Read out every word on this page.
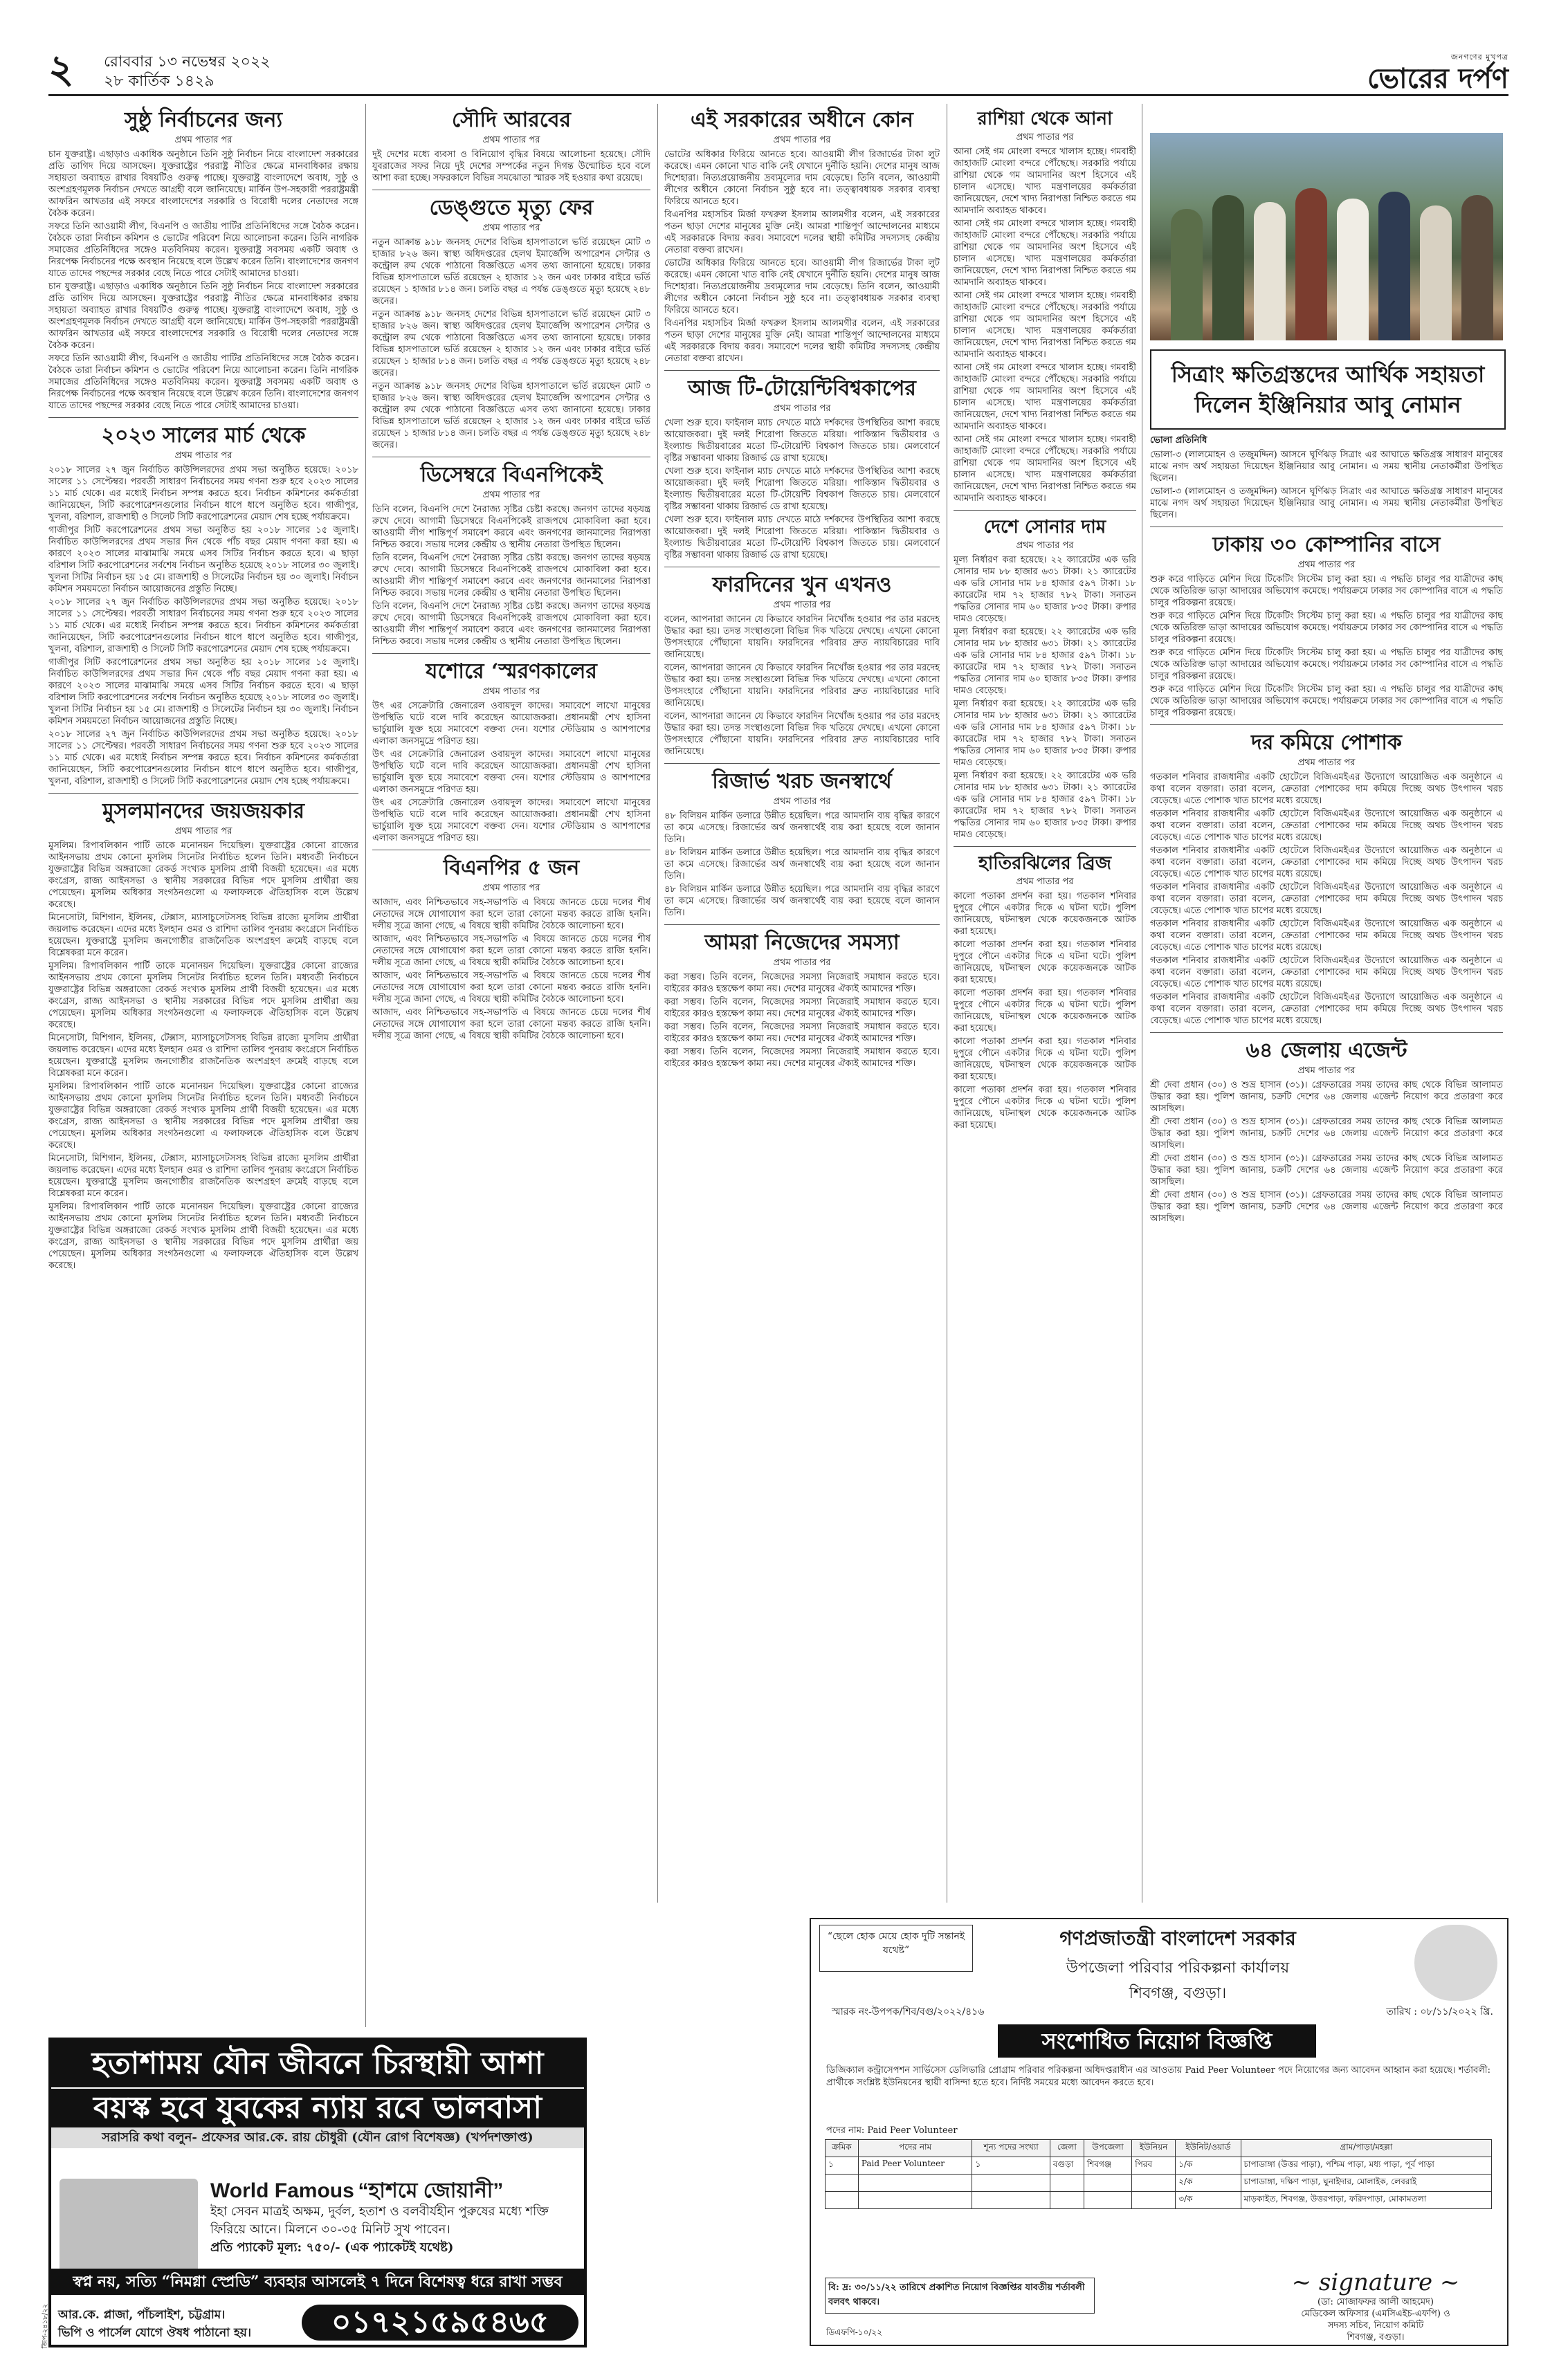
২ রোববার ১৩ নভেম্বর ২০২২
২৮ কার্তিক ১৪২৯
জনগণের মুখপত্র
ভোরের দর্পণ
সুষ্ঠু নির্বাচনের জন্য
প্রথম পাতার পর

চান যুক্তরাষ্ট্র। এছাড়াও একাধিক অনুষ্ঠানে তিনি সুষ্ঠু নির্বাচন নিয়ে বাংলাদেশ সরকারের প্রতি তাগিদ দিয়ে আসছেন। যুক্তরাষ্ট্রের পররাষ্ট্র নীতির ক্ষেত্রে মানবাধিকার রক্ষায় সহায়তা অব্যাহত রাখার বিষয়টিও গুরুত্ব পাচ্ছে। যুক্তরাষ্ট্র বাংলাদেশে অবাধ, সুষ্ঠু ও অংশগ্রহণমূলক নির্বাচন দেখতে আগ্রহী বলে জানিয়েছে। মার্কিন উপ-সহকারী পররাষ্ট্রমন্ত্রী আফরিন আখতার এই সফরে বাংলাদেশের সরকারি ও বিরোধী দলের নেতাদের সঙ্গে বৈঠক করেন।

সফরে তিনি আওয়ামী লীগ, বিএনপি ও জাতীয় পার্টির প্রতিনিধিদের সঙ্গে বৈঠক করেন। বৈঠকে তারা নির্বাচন কমিশন ও ভোটের পরিবেশ নিয়ে আলোচনা করেন। তিনি নাগরিক সমাজের প্রতিনিধিদের সঙ্গেও মতবিনিময় করেন। যুক্তরাষ্ট্র সবসময় একটি অবাধ ও নিরপেক্ষ নির্বাচনের পক্ষে অবস্থান নিয়েছে বলে উল্লেখ করেন তিনি। বাংলাদেশের জনগণ যাতে তাদের পছন্দের সরকার বেছে নিতে পারে সেটাই আমাদের চাওয়া।

চান যুক্তরাষ্ট্র। এছাড়াও একাধিক অনুষ্ঠানে তিনি সুষ্ঠু নির্বাচন নিয়ে বাংলাদেশ সরকারের প্রতি তাগিদ দিয়ে আসছেন। যুক্তরাষ্ট্রের পররাষ্ট্র নীতির ক্ষেত্রে মানবাধিকার রক্ষায় সহায়তা অব্যাহত রাখার বিষয়টিও গুরুত্ব পাচ্ছে। যুক্তরাষ্ট্র বাংলাদেশে অবাধ, সুষ্ঠু ও অংশগ্রহণমূলক নির্বাচন দেখতে আগ্রহী বলে জানিয়েছে। মার্কিন উপ-সহকারী পররাষ্ট্রমন্ত্রী আফরিন আখতার এই সফরে বাংলাদেশের সরকারি ও বিরোধী দলের নেতাদের সঙ্গে বৈঠক করেন।

সফরে তিনি আওয়ামী লীগ, বিএনপি ও জাতীয় পার্টির প্রতিনিধিদের সঙ্গে বৈঠক করেন। বৈঠকে তারা নির্বাচন কমিশন ও ভোটের পরিবেশ নিয়ে আলোচনা করেন। তিনি নাগরিক সমাজের প্রতিনিধিদের সঙ্গেও মতবিনিময় করেন। যুক্তরাষ্ট্র সবসময় একটি অবাধ ও নিরপেক্ষ নির্বাচনের পক্ষে অবস্থান নিয়েছে বলে উল্লেখ করেন তিনি। বাংলাদেশের জনগণ যাতে তাদের পছন্দের সরকার বেছে নিতে পারে সেটাই আমাদের চাওয়া।

২০২৩ সালের মার্চ থেকে
প্রথম পাতার পর

২০১৮ সালের ২৭ জুন নির্বাচিত কাউন্সিলরদের প্রথম সভা অনুষ্ঠিত হয়েছে। ২০১৮ সালের ১১ সেপ্টেম্বর। পরবর্তী সাধারণ নির্বাচনের সময় গণনা শুরু হবে ২০২৩ সালের ১১ মার্চ থেকে। এর মধ্যেই নির্বাচন সম্পন্ন করতে হবে। নির্বাচন কমিশনের কর্মকর্তারা জানিয়েছেন, সিটি করপোরেশনগুলোর নির্বাচন ধাপে ধাপে অনুষ্ঠিত হবে। গাজীপুর, খুলনা, বরিশাল, রাজশাহী ও সিলেট সিটি করপোরেশনের মেয়াদ শেষ হচ্ছে পর্যায়ক্রমে।

গাজীপুর সিটি করপোরেশনের প্রথম সভা অনুষ্ঠিত হয় ২০১৮ সালের ১৫ জুলাই। নির্বাচিত কাউন্সিলরদের প্রথম সভার দিন থেকে পাঁচ বছর মেয়াদ গণনা করা হয়। এ কারণে ২০২৩ সালের মাঝামাঝি সময়ে এসব সিটির নির্বাচন করতে হবে। এ ছাড়া বরিশাল সিটি করপোরেশনের সর্বশেষ নির্বাচন অনুষ্ঠিত হয়েছে ২০১৮ সালের ৩০ জুলাই। খুলনা সিটির নির্বাচন হয় ১৫ মে। রাজশাহী ও সিলেটের নির্বাচন হয় ৩০ জুলাই। নির্বাচন কমিশন সময়মতো নির্বাচন আয়োজনের প্রস্তুতি নিচ্ছে।

২০১৮ সালের ২৭ জুন নির্বাচিত কাউন্সিলরদের প্রথম সভা অনুষ্ঠিত হয়েছে। ২০১৮ সালের ১১ সেপ্টেম্বর। পরবর্তী সাধারণ নির্বাচনের সময় গণনা শুরু হবে ২০২৩ সালের ১১ মার্চ থেকে। এর মধ্যেই নির্বাচন সম্পন্ন করতে হবে। নির্বাচন কমিশনের কর্মকর্তারা জানিয়েছেন, সিটি করপোরেশনগুলোর নির্বাচন ধাপে ধাপে অনুষ্ঠিত হবে। গাজীপুর, খুলনা, বরিশাল, রাজশাহী ও সিলেট সিটি করপোরেশনের মেয়াদ শেষ হচ্ছে পর্যায়ক্রমে।

গাজীপুর সিটি করপোরেশনের প্রথম সভা অনুষ্ঠিত হয় ২০১৮ সালের ১৫ জুলাই। নির্বাচিত কাউন্সিলরদের প্রথম সভার দিন থেকে পাঁচ বছর মেয়াদ গণনা করা হয়। এ কারণে ২০২৩ সালের মাঝামাঝি সময়ে এসব সিটির নির্বাচন করতে হবে। এ ছাড়া বরিশাল সিটি করপোরেশনের সর্বশেষ নির্বাচন অনুষ্ঠিত হয়েছে ২০১৮ সালের ৩০ জুলাই। খুলনা সিটির নির্বাচন হয় ১৫ মে। রাজশাহী ও সিলেটের নির্বাচন হয় ৩০ জুলাই। নির্বাচন কমিশন সময়মতো নির্বাচন আয়োজনের প্রস্তুতি নিচ্ছে।

২০১৮ সালের ২৭ জুন নির্বাচিত কাউন্সিলরদের প্রথম সভা অনুষ্ঠিত হয়েছে। ২০১৮ সালের ১১ সেপ্টেম্বর। পরবর্তী সাধারণ নির্বাচনের সময় গণনা শুরু হবে ২০২৩ সালের ১১ মার্চ থেকে। এর মধ্যেই নির্বাচন সম্পন্ন করতে হবে। নির্বাচন কমিশনের কর্মকর্তারা জানিয়েছেন, সিটি করপোরেশনগুলোর নির্বাচন ধাপে ধাপে অনুষ্ঠিত হবে। গাজীপুর, খুলনা, বরিশাল, রাজশাহী ও সিলেট সিটি করপোরেশনের মেয়াদ শেষ হচ্ছে পর্যায়ক্রমে।

মুসলমানদের জয়জয়কার
প্রথম পাতার পর

মুসলিম। রিপাবলিকান পার্টি তাকে মনোনয়ন দিয়েছিল। যুক্তরাষ্ট্রের কোনো রাজ্যের আইনসভায় প্রথম কোনো মুসলিম সিনেটর নির্বাচিত হলেন তিনি। মধ্যবর্তী নির্বাচনে যুক্তরাষ্ট্রের বিভিন্ন অঙ্গরাজ্যে রেকর্ড সংখ্যক মুসলিম প্রার্থী বিজয়ী হয়েছেন। এর মধ্যে কংগ্রেস, রাজ্য আইনসভা ও স্থানীয় সরকারের বিভিন্ন পদে মুসলিম প্রার্থীরা জয় পেয়েছেন। মুসলিম অধিকার সংগঠনগুলো এ ফলাফলকে ঐতিহাসিক বলে উল্লেখ করেছে।

মিনেসোটা, মিশিগান, ইলিনয়, টেক্সাস, ম্যাসাচুসেটসসহ বিভিন্ন রাজ্যে মুসলিম প্রার্থীরা জয়লাভ করেছেন। এদের মধ্যে ইলহান ওমর ও রাশিদা তালিব পুনরায় কংগ্রেসে নির্বাচিত হয়েছেন। যুক্তরাষ্ট্রে মুসলিম জনগোষ্ঠীর রাজনৈতিক অংশগ্রহণ ক্রমেই বাড়ছে বলে বিশ্লেষকরা মনে করেন।

মুসলিম। রিপাবলিকান পার্টি তাকে মনোনয়ন দিয়েছিল। যুক্তরাষ্ট্রের কোনো রাজ্যের আইনসভায় প্রথম কোনো মুসলিম সিনেটর নির্বাচিত হলেন তিনি। মধ্যবর্তী নির্বাচনে যুক্তরাষ্ট্রের বিভিন্ন অঙ্গরাজ্যে রেকর্ড সংখ্যক মুসলিম প্রার্থী বিজয়ী হয়েছেন। এর মধ্যে কংগ্রেস, রাজ্য আইনসভা ও স্থানীয় সরকারের বিভিন্ন পদে মুসলিম প্রার্থীরা জয় পেয়েছেন। মুসলিম অধিকার সংগঠনগুলো এ ফলাফলকে ঐতিহাসিক বলে উল্লেখ করেছে।

মিনেসোটা, মিশিগান, ইলিনয়, টেক্সাস, ম্যাসাচুসেটসসহ বিভিন্ন রাজ্যে মুসলিম প্রার্থীরা জয়লাভ করেছেন। এদের মধ্যে ইলহান ওমর ও রাশিদা তালিব পুনরায় কংগ্রেসে নির্বাচিত হয়েছেন। যুক্তরাষ্ট্রে মুসলিম জনগোষ্ঠীর রাজনৈতিক অংশগ্রহণ ক্রমেই বাড়ছে বলে বিশ্লেষকরা মনে করেন।

মুসলিম। রিপাবলিকান পার্টি তাকে মনোনয়ন দিয়েছিল। যুক্তরাষ্ট্রের কোনো রাজ্যের আইনসভায় প্রথম কোনো মুসলিম সিনেটর নির্বাচিত হলেন তিনি। মধ্যবর্তী নির্বাচনে যুক্তরাষ্ট্রের বিভিন্ন অঙ্গরাজ্যে রেকর্ড সংখ্যক মুসলিম প্রার্থী বিজয়ী হয়েছেন। এর মধ্যে কংগ্রেস, রাজ্য আইনসভা ও স্থানীয় সরকারের বিভিন্ন পদে মুসলিম প্রার্থীরা জয় পেয়েছেন। মুসলিম অধিকার সংগঠনগুলো এ ফলাফলকে ঐতিহাসিক বলে উল্লেখ করেছে।

মিনেসোটা, মিশিগান, ইলিনয়, টেক্সাস, ম্যাসাচুসেটসসহ বিভিন্ন রাজ্যে মুসলিম প্রার্থীরা জয়লাভ করেছেন। এদের মধ্যে ইলহান ওমর ও রাশিদা তালিব পুনরায় কংগ্রেসে নির্বাচিত হয়েছেন। যুক্তরাষ্ট্রে মুসলিম জনগোষ্ঠীর রাজনৈতিক অংশগ্রহণ ক্রমেই বাড়ছে বলে বিশ্লেষকরা মনে করেন।

মুসলিম। রিপাবলিকান পার্টি তাকে মনোনয়ন দিয়েছিল। যুক্তরাষ্ট্রের কোনো রাজ্যের আইনসভায় প্রথম কোনো মুসলিম সিনেটর নির্বাচিত হলেন তিনি। মধ্যবর্তী নির্বাচনে যুক্তরাষ্ট্রের বিভিন্ন অঙ্গরাজ্যে রেকর্ড সংখ্যক মুসলিম প্রার্থী বিজয়ী হয়েছেন। এর মধ্যে কংগ্রেস, রাজ্য আইনসভা ও স্থানীয় সরকারের বিভিন্ন পদে মুসলিম প্রার্থীরা জয় পেয়েছেন। মুসলিম অধিকার সংগঠনগুলো এ ফলাফলকে ঐতিহাসিক বলে উল্লেখ করেছে।

সৌদি আরবের
প্রথম পাতার পর

দুই দেশের মধ্যে ব্যবসা ও বিনিয়োগ বৃদ্ধির বিষয়ে আলোচনা হয়েছে। সৌদি যুবরাজের সফর নিয়ে দুই দেশের সম্পর্কের নতুন দিগন্ত উন্মোচিত হবে বলে আশা করা হচ্ছে। সফরকালে বিভিন্ন সমঝোতা স্মারক সই হওয়ার কথা রয়েছে।

ডেঙ্গুতে মৃত্যু ফের
প্রথম পাতার পর

নতুন আক্রান্ত ৯১৮ জনসহ দেশের বিভিন্ন হাসপাতালে ভর্তি রয়েছেন মোট ৩ হাজার ৮২৬ জন। স্বাস্থ্য অধিদপ্তরের হেলথ ইমার্জেন্সি অপারেশন সেন্টার ও কন্ট্রোল রুম থেকে পাঠানো বিজ্ঞপ্তিতে এসব তথ্য জানানো হয়েছে। ঢাকার বিভিন্ন হাসপাতালে ভর্তি রয়েছেন ২ হাজার ১২ জন এবং ঢাকার বাইরে ভর্তি রয়েছেন ১ হাজার ৮১৪ জন। চলতি বছর এ পর্যন্ত ডেঙ্গুতে মৃত্যু হয়েছে ২৪৮ জনের।

নতুন আক্রান্ত ৯১৮ জনসহ দেশের বিভিন্ন হাসপাতালে ভর্তি রয়েছেন মোট ৩ হাজার ৮২৬ জন। স্বাস্থ্য অধিদপ্তরের হেলথ ইমার্জেন্সি অপারেশন সেন্টার ও কন্ট্রোল রুম থেকে পাঠানো বিজ্ঞপ্তিতে এসব তথ্য জানানো হয়েছে। ঢাকার বিভিন্ন হাসপাতালে ভর্তি রয়েছেন ২ হাজার ১২ জন এবং ঢাকার বাইরে ভর্তি রয়েছেন ১ হাজার ৮১৪ জন। চলতি বছর এ পর্যন্ত ডেঙ্গুতে মৃত্যু হয়েছে ২৪৮ জনের।

নতুন আক্রান্ত ৯১৮ জনসহ দেশের বিভিন্ন হাসপাতালে ভর্তি রয়েছেন মোট ৩ হাজার ৮২৬ জন। স্বাস্থ্য অধিদপ্তরের হেলথ ইমার্জেন্সি অপারেশন সেন্টার ও কন্ট্রোল রুম থেকে পাঠানো বিজ্ঞপ্তিতে এসব তথ্য জানানো হয়েছে। ঢাকার বিভিন্ন হাসপাতালে ভর্তি রয়েছেন ২ হাজার ১২ জন এবং ঢাকার বাইরে ভর্তি রয়েছেন ১ হাজার ৮১৪ জন। চলতি বছর এ পর্যন্ত ডেঙ্গুতে মৃত্যু হয়েছে ২৪৮ জনের।

ডিসেম্বরে বিএনপিকেই
প্রথম পাতার পর

তিনি বলেন, বিএনপি দেশে নৈরাজ্য সৃষ্টির চেষ্টা করছে। জনগণ তাদের ষড়যন্ত্র রুখে দেবে। আগামী ডিসেম্বরে বিএনপিকেই রাজপথে মোকাবিলা করা হবে। আওয়ামী লীগ শান্তিপূর্ণ সমাবেশ করবে এবং জনগণের জানমালের নিরাপত্তা নিশ্চিত করবে। সভায় দলের কেন্দ্রীয় ও স্থানীয় নেতারা উপস্থিত ছিলেন।

তিনি বলেন, বিএনপি দেশে নৈরাজ্য সৃষ্টির চেষ্টা করছে। জনগণ তাদের ষড়যন্ত্র রুখে দেবে। আগামী ডিসেম্বরে বিএনপিকেই রাজপথে মোকাবিলা করা হবে। আওয়ামী লীগ শান্তিপূর্ণ সমাবেশ করবে এবং জনগণের জানমালের নিরাপত্তা নিশ্চিত করবে। সভায় দলের কেন্দ্রীয় ও স্থানীয় নেতারা উপস্থিত ছিলেন।

তিনি বলেন, বিএনপি দেশে নৈরাজ্য সৃষ্টির চেষ্টা করছে। জনগণ তাদের ষড়যন্ত্র রুখে দেবে। আগামী ডিসেম্বরে বিএনপিকেই রাজপথে মোকাবিলা করা হবে। আওয়ামী লীগ শান্তিপূর্ণ সমাবেশ করবে এবং জনগণের জানমালের নিরাপত্তা নিশ্চিত করবে। সভায় দলের কেন্দ্রীয় ও স্থানীয় নেতারা উপস্থিত ছিলেন।

যশোরে ‘স্মরণকালের
প্রথম পাতার পর

উৎ এর সেক্রেটারি জেনারেল ওবায়দুল কাদের। সমাবেশে লাখো মানুষের উপস্থিতি ঘটে বলে দাবি করেছেন আয়োজকরা। প্রধানমন্ত্রী শেখ হাসিনা ভার্চুয়ালি যুক্ত হয়ে সমাবেশে বক্তব্য দেন। যশোর স্টেডিয়াম ও আশপাশের এলাকা জনসমুদ্রে পরিণত হয়।

উৎ এর সেক্রেটারি জেনারেল ওবায়দুল কাদের। সমাবেশে লাখো মানুষের উপস্থিতি ঘটে বলে দাবি করেছেন আয়োজকরা। প্রধানমন্ত্রী শেখ হাসিনা ভার্চুয়ালি যুক্ত হয়ে সমাবেশে বক্তব্য দেন। যশোর স্টেডিয়াম ও আশপাশের এলাকা জনসমুদ্রে পরিণত হয়।

উৎ এর সেক্রেটারি জেনারেল ওবায়দুল কাদের। সমাবেশে লাখো মানুষের উপস্থিতি ঘটে বলে দাবি করেছেন আয়োজকরা। প্রধানমন্ত্রী শেখ হাসিনা ভার্চুয়ালি যুক্ত হয়ে সমাবেশে বক্তব্য দেন। যশোর স্টেডিয়াম ও আশপাশের এলাকা জনসমুদ্রে পরিণত হয়।

বিএনপির ৫ জন
প্রথম পাতার পর

আজাদ, এবং নিশ্চিতভাবে সহ-সভাপতি এ বিষয়ে জানতে চেয়ে দলের শীর্ষ নেতাদের সঙ্গে যোগাযোগ করা হলে তারা কোনো মন্তব্য করতে রাজি হননি। দলীয় সূত্রে জানা গেছে, এ বিষয়ে স্থায়ী কমিটির বৈঠকে আলোচনা হবে।

আজাদ, এবং নিশ্চিতভাবে সহ-সভাপতি এ বিষয়ে জানতে চেয়ে দলের শীর্ষ নেতাদের সঙ্গে যোগাযোগ করা হলে তারা কোনো মন্তব্য করতে রাজি হননি। দলীয় সূত্রে জানা গেছে, এ বিষয়ে স্থায়ী কমিটির বৈঠকে আলোচনা হবে।

আজাদ, এবং নিশ্চিতভাবে সহ-সভাপতি এ বিষয়ে জানতে চেয়ে দলের শীর্ষ নেতাদের সঙ্গে যোগাযোগ করা হলে তারা কোনো মন্তব্য করতে রাজি হননি। দলীয় সূত্রে জানা গেছে, এ বিষয়ে স্থায়ী কমিটির বৈঠকে আলোচনা হবে।

আজাদ, এবং নিশ্চিতভাবে সহ-সভাপতি এ বিষয়ে জানতে চেয়ে দলের শীর্ষ নেতাদের সঙ্গে যোগাযোগ করা হলে তারা কোনো মন্তব্য করতে রাজি হননি। দলীয় সূত্রে জানা গেছে, এ বিষয়ে স্থায়ী কমিটির বৈঠকে আলোচনা হবে।

এই সরকারের অধীনে কোন
প্রথম পাতার পর

ভোটের অধিকার ফিরিয়ে আনতে হবে। আওয়ামী লীগ রিজার্ভের টাকা লুট করেছে। এমন কোনো খাত বাকি নেই যেখানে দুর্নীতি হয়নি। দেশের মানুষ আজ দিশেহারা। নিত্যপ্রয়োজনীয় দ্রব্যমূল্যের দাম বেড়েছে। তিনি বলেন, আওয়ামী লীগের অধীনে কোনো নির্বাচন সুষ্ঠু হবে না। তত্ত্বাবধায়ক সরকার ব্যবস্থা ফিরিয়ে আনতে হবে।

বিএনপির মহাসচিব মির্জা ফখরুল ইসলাম আলমগীর বলেন, এই সরকারের পতন ছাড়া দেশের মানুষের মুক্তি নেই। আমরা শান্তিপূর্ণ আন্দোলনের মাধ্যমে এই সরকারকে বিদায় করব। সমাবেশে দলের স্থায়ী কমিটির সদস্যসহ কেন্দ্রীয় নেতারা বক্তব্য রাখেন।

ভোটের অধিকার ফিরিয়ে আনতে হবে। আওয়ামী লীগ রিজার্ভের টাকা লুট করেছে। এমন কোনো খাত বাকি নেই যেখানে দুর্নীতি হয়নি। দেশের মানুষ আজ দিশেহারা। নিত্যপ্রয়োজনীয় দ্রব্যমূল্যের দাম বেড়েছে। তিনি বলেন, আওয়ামী লীগের অধীনে কোনো নির্বাচন সুষ্ঠু হবে না। তত্ত্বাবধায়ক সরকার ব্যবস্থা ফিরিয়ে আনতে হবে।

বিএনপির মহাসচিব মির্জা ফখরুল ইসলাম আলমগীর বলেন, এই সরকারের পতন ছাড়া দেশের মানুষের মুক্তি নেই। আমরা শান্তিপূর্ণ আন্দোলনের মাধ্যমে এই সরকারকে বিদায় করব। সমাবেশে দলের স্থায়ী কমিটির সদস্যসহ কেন্দ্রীয় নেতারা বক্তব্য রাখেন।

আজ টি-টোয়েন্টিবিশ্বকাপের
প্রথম পাতার পর

খেলা শুরু হবে। ফাইনাল ম্যাচ দেখতে মাঠে দর্শকদের উপস্থিতির আশা করছে আয়োজকরা। দুই দলই শিরোপা জিততে মরিয়া। পাকিস্তান দ্বিতীয়বার ও ইংল্যান্ড দ্বিতীয়বারের মতো টি-টোয়েন্টি বিশ্বকাপ জিততে চায়। মেলবোর্নে বৃষ্টির সম্ভাবনা থাকায় রিজার্ভ ডে রাখা হয়েছে।

খেলা শুরু হবে। ফাইনাল ম্যাচ দেখতে মাঠে দর্শকদের উপস্থিতির আশা করছে আয়োজকরা। দুই দলই শিরোপা জিততে মরিয়া। পাকিস্তান দ্বিতীয়বার ও ইংল্যান্ড দ্বিতীয়বারের মতো টি-টোয়েন্টি বিশ্বকাপ জিততে চায়। মেলবোর্নে বৃষ্টির সম্ভাবনা থাকায় রিজার্ভ ডে রাখা হয়েছে।

খেলা শুরু হবে। ফাইনাল ম্যাচ দেখতে মাঠে দর্শকদের উপস্থিতির আশা করছে আয়োজকরা। দুই দলই শিরোপা জিততে মরিয়া। পাকিস্তান দ্বিতীয়বার ও ইংল্যান্ড দ্বিতীয়বারের মতো টি-টোয়েন্টি বিশ্বকাপ জিততে চায়। মেলবোর্নে বৃষ্টির সম্ভাবনা থাকায় রিজার্ভ ডে রাখা হয়েছে।

ফারদিনের খুন এখনও
প্রথম পাতার পর

বলেন, আপনারা জানেন যে কিভাবে ফারদিন নিখোঁজ হওয়ার পর তার মরদেহ উদ্ধার করা হয়। তদন্ত সংস্থাগুলো বিভিন্ন দিক খতিয়ে দেখছে। এখনো কোনো উপসংহারে পৌঁছানো যায়নি। ফারদিনের পরিবার দ্রুত ন্যায়বিচারের দাবি জানিয়েছে।

বলেন, আপনারা জানেন যে কিভাবে ফারদিন নিখোঁজ হওয়ার পর তার মরদেহ উদ্ধার করা হয়। তদন্ত সংস্থাগুলো বিভিন্ন দিক খতিয়ে দেখছে। এখনো কোনো উপসংহারে পৌঁছানো যায়নি। ফারদিনের পরিবার দ্রুত ন্যায়বিচারের দাবি জানিয়েছে।

বলেন, আপনারা জানেন যে কিভাবে ফারদিন নিখোঁজ হওয়ার পর তার মরদেহ উদ্ধার করা হয়। তদন্ত সংস্থাগুলো বিভিন্ন দিক খতিয়ে দেখছে। এখনো কোনো উপসংহারে পৌঁছানো যায়নি। ফারদিনের পরিবার দ্রুত ন্যায়বিচারের দাবি জানিয়েছে।

রিজার্ভ খরচ জনস্বার্থে
প্রথম পাতার পর

৪৮ বিলিয়ন মার্কিন ডলারে উন্নীত হয়েছিল। পরে আমদানি ব্যয় বৃদ্ধির কারণে তা কমে এসেছে। রিজার্ভের অর্থ জনস্বার্থেই ব্যয় করা হয়েছে বলে জানান তিনি।

৪৮ বিলিয়ন মার্কিন ডলারে উন্নীত হয়েছিল। পরে আমদানি ব্যয় বৃদ্ধির কারণে তা কমে এসেছে। রিজার্ভের অর্থ জনস্বার্থেই ব্যয় করা হয়েছে বলে জানান তিনি।

৪৮ বিলিয়ন মার্কিন ডলারে উন্নীত হয়েছিল। পরে আমদানি ব্যয় বৃদ্ধির কারণে তা কমে এসেছে। রিজার্ভের অর্থ জনস্বার্থেই ব্যয় করা হয়েছে বলে জানান তিনি।

আমরা নিজেদের সমস্যা
প্রথম পাতার পর

করা সম্ভব। তিনি বলেন, নিজেদের সমস্যা নিজেরাই সমাধান করতে হবে। বাইরের কারও হস্তক্ষেপ কাম্য নয়। দেশের মানুষের ঐক্যই আমাদের শক্তি।

করা সম্ভব। তিনি বলেন, নিজেদের সমস্যা নিজেরাই সমাধান করতে হবে। বাইরের কারও হস্তক্ষেপ কাম্য নয়। দেশের মানুষের ঐক্যই আমাদের শক্তি।

করা সম্ভব। তিনি বলেন, নিজেদের সমস্যা নিজেরাই সমাধান করতে হবে। বাইরের কারও হস্তক্ষেপ কাম্য নয়। দেশের মানুষের ঐক্যই আমাদের শক্তি।

করা সম্ভব। তিনি বলেন, নিজেদের সমস্যা নিজেরাই সমাধান করতে হবে। বাইরের কারও হস্তক্ষেপ কাম্য নয়। দেশের মানুষের ঐক্যই আমাদের শক্তি।

রাশিয়া থেকে আনা
প্রথম পাতার পর

আনা সেই গম মোংলা বন্দরে খালাস হচ্ছে। গমবাহী জাহাজটি মোংলা বন্দরে পৌঁছেছে। সরকারি পর্যায়ে রাশিয়া থেকে গম আমদানির অংশ হিসেবে এই চালান এসেছে। খাদ্য মন্ত্রণালয়ের কর্মকর্তারা জানিয়েছেন, দেশে খাদ্য নিরাপত্তা নিশ্চিত করতে গম আমদানি অব্যাহত থাকবে।

আনা সেই গম মোংলা বন্দরে খালাস হচ্ছে। গমবাহী জাহাজটি মোংলা বন্দরে পৌঁছেছে। সরকারি পর্যায়ে রাশিয়া থেকে গম আমদানির অংশ হিসেবে এই চালান এসেছে। খাদ্য মন্ত্রণালয়ের কর্মকর্তারা জানিয়েছেন, দেশে খাদ্য নিরাপত্তা নিশ্চিত করতে গম আমদানি অব্যাহত থাকবে।

আনা সেই গম মোংলা বন্দরে খালাস হচ্ছে। গমবাহী জাহাজটি মোংলা বন্দরে পৌঁছেছে। সরকারি পর্যায়ে রাশিয়া থেকে গম আমদানির অংশ হিসেবে এই চালান এসেছে। খাদ্য মন্ত্রণালয়ের কর্মকর্তারা জানিয়েছেন, দেশে খাদ্য নিরাপত্তা নিশ্চিত করতে গম আমদানি অব্যাহত থাকবে।

আনা সেই গম মোংলা বন্দরে খালাস হচ্ছে। গমবাহী জাহাজটি মোংলা বন্দরে পৌঁছেছে। সরকারি পর্যায়ে রাশিয়া থেকে গম আমদানির অংশ হিসেবে এই চালান এসেছে। খাদ্য মন্ত্রণালয়ের কর্মকর্তারা জানিয়েছেন, দেশে খাদ্য নিরাপত্তা নিশ্চিত করতে গম আমদানি অব্যাহত থাকবে।

আনা সেই গম মোংলা বন্দরে খালাস হচ্ছে। গমবাহী জাহাজটি মোংলা বন্দরে পৌঁছেছে। সরকারি পর্যায়ে রাশিয়া থেকে গম আমদানির অংশ হিসেবে এই চালান এসেছে। খাদ্য মন্ত্রণালয়ের কর্মকর্তারা জানিয়েছেন, দেশে খাদ্য নিরাপত্তা নিশ্চিত করতে গম আমদানি অব্যাহত থাকবে।

দেশে সোনার দাম
প্রথম পাতার পর

মূল্য নির্ধারণ করা হয়েছে। ২২ ক্যারেটের এক ভরি সোনার দাম ৮৮ হাজার ৬৩১ টাকা। ২১ ক্যারেটের এক ভরি সোনার দাম ৮৪ হাজার ৫৯৭ টাকা। ১৮ ক্যারেটের দাম ৭২ হাজার ৭৮২ টাকা। সনাতন পদ্ধতির সোনার দাম ৬০ হাজার ৮৩৫ টাকা। রুপার দামও বেড়েছে।

মূল্য নির্ধারণ করা হয়েছে। ২২ ক্যারেটের এক ভরি সোনার দাম ৮৮ হাজার ৬৩১ টাকা। ২১ ক্যারেটের এক ভরি সোনার দাম ৮৪ হাজার ৫৯৭ টাকা। ১৮ ক্যারেটের দাম ৭২ হাজার ৭৮২ টাকা। সনাতন পদ্ধতির সোনার দাম ৬০ হাজার ৮৩৫ টাকা। রুপার দামও বেড়েছে।

মূল্য নির্ধারণ করা হয়েছে। ২২ ক্যারেটের এক ভরি সোনার দাম ৮৮ হাজার ৬৩১ টাকা। ২১ ক্যারেটের এক ভরি সোনার দাম ৮৪ হাজার ৫৯৭ টাকা। ১৮ ক্যারেটের দাম ৭২ হাজার ৭৮২ টাকা। সনাতন পদ্ধতির সোনার দাম ৬০ হাজার ৮৩৫ টাকা। রুপার দামও বেড়েছে।

মূল্য নির্ধারণ করা হয়েছে। ২২ ক্যারেটের এক ভরি সোনার দাম ৮৮ হাজার ৬৩১ টাকা। ২১ ক্যারেটের এক ভরি সোনার দাম ৮৪ হাজার ৫৯৭ টাকা। ১৮ ক্যারেটের দাম ৭২ হাজার ৭৮২ টাকা। সনাতন পদ্ধতির সোনার দাম ৬০ হাজার ৮৩৫ টাকা। রুপার দামও বেড়েছে।

হাতিরঝিলের ব্রিজ
প্রথম পাতার পর

কালো পতাকা প্রদর্শন করা হয়। গতকাল শনিবার দুপুরে পৌনে একটার দিকে এ ঘটনা ঘটে। পুলিশ জানিয়েছে, ঘটনাস্থল থেকে কয়েকজনকে আটক করা হয়েছে।

কালো পতাকা প্রদর্শন করা হয়। গতকাল শনিবার দুপুরে পৌনে একটার দিকে এ ঘটনা ঘটে। পুলিশ জানিয়েছে, ঘটনাস্থল থেকে কয়েকজনকে আটক করা হয়েছে।

কালো পতাকা প্রদর্শন করা হয়। গতকাল শনিবার দুপুরে পৌনে একটার দিকে এ ঘটনা ঘটে। পুলিশ জানিয়েছে, ঘটনাস্থল থেকে কয়েকজনকে আটক করা হয়েছে।

কালো পতাকা প্রদর্শন করা হয়। গতকাল শনিবার দুপুরে পৌনে একটার দিকে এ ঘটনা ঘটে। পুলিশ জানিয়েছে, ঘটনাস্থল থেকে কয়েকজনকে আটক করা হয়েছে।

কালো পতাকা প্রদর্শন করা হয়। গতকাল শনিবার দুপুরে পৌনে একটার দিকে এ ঘটনা ঘটে। পুলিশ জানিয়েছে, ঘটনাস্থল থেকে কয়েকজনকে আটক করা হয়েছে।

সিত্রাং ক্ষতিগ্রস্তদের আর্থিক সহায়তা
দিলেন ইঞ্জিনিয়ার আবু নোমান
ভোলা প্রতিনিধি

ভোলা-৩ (লালমোহন ও তজুমদ্দিন) আসনে ঘূর্ণিঝড় সিত্রাং এর আঘাতে ক্ষতিগ্রস্ত সাধারণ মানুষের মাঝে নগদ অর্থ সহায়তা দিয়েছেন ইঞ্জিনিয়ার আবু নোমান। এ সময় স্থানীয় নেতাকর্মীরা উপস্থিত ছিলেন।

ভোলা-৩ (লালমোহন ও তজুমদ্দিন) আসনে ঘূর্ণিঝড় সিত্রাং এর আঘাতে ক্ষতিগ্রস্ত সাধারণ মানুষের মাঝে নগদ অর্থ সহায়তা দিয়েছেন ইঞ্জিনিয়ার আবু নোমান। এ সময় স্থানীয় নেতাকর্মীরা উপস্থিত ছিলেন।

ঢাকায় ৩০ কোম্পানির বাসে
প্রথম পাতার পর

শুরু করে গাড়িতে মেশিন দিয়ে টিকেটিং সিস্টেম চালু করা হয়। এ পদ্ধতি চালুর পর যাত্রীদের কাছ থেকে অতিরিক্ত ভাড়া আদায়ের অভিযোগ কমেছে। পর্যায়ক্রমে ঢাকার সব কোম্পানির বাসে এ পদ্ধতি চালুর পরিকল্পনা রয়েছে।

শুরু করে গাড়িতে মেশিন দিয়ে টিকেটিং সিস্টেম চালু করা হয়। এ পদ্ধতি চালুর পর যাত্রীদের কাছ থেকে অতিরিক্ত ভাড়া আদায়ের অভিযোগ কমেছে। পর্যায়ক্রমে ঢাকার সব কোম্পানির বাসে এ পদ্ধতি চালুর পরিকল্পনা রয়েছে।

শুরু করে গাড়িতে মেশিন দিয়ে টিকেটিং সিস্টেম চালু করা হয়। এ পদ্ধতি চালুর পর যাত্রীদের কাছ থেকে অতিরিক্ত ভাড়া আদায়ের অভিযোগ কমেছে। পর্যায়ক্রমে ঢাকার সব কোম্পানির বাসে এ পদ্ধতি চালুর পরিকল্পনা রয়েছে।

শুরু করে গাড়িতে মেশিন দিয়ে টিকেটিং সিস্টেম চালু করা হয়। এ পদ্ধতি চালুর পর যাত্রীদের কাছ থেকে অতিরিক্ত ভাড়া আদায়ের অভিযোগ কমেছে। পর্যায়ক্রমে ঢাকার সব কোম্পানির বাসে এ পদ্ধতি চালুর পরিকল্পনা রয়েছে।

দর কমিয়ে পোশাক
প্রথম পাতার পর

গতকাল শনিবার রাজধানীর একটি হোটেলে বিজিএমইএর উদ্যোগে আয়োজিত এক অনুষ্ঠানে এ কথা বলেন বক্তারা। তারা বলেন, ক্রেতারা পোশাকের দাম কমিয়ে দিচ্ছে অথচ উৎপাদন খরচ বেড়েছে। এতে পোশাক খাত চাপের মধ্যে রয়েছে।

গতকাল শনিবার রাজধানীর একটি হোটেলে বিজিএমইএর উদ্যোগে আয়োজিত এক অনুষ্ঠানে এ কথা বলেন বক্তারা। তারা বলেন, ক্রেতারা পোশাকের দাম কমিয়ে দিচ্ছে অথচ উৎপাদন খরচ বেড়েছে। এতে পোশাক খাত চাপের মধ্যে রয়েছে।

গতকাল শনিবার রাজধানীর একটি হোটেলে বিজিএমইএর উদ্যোগে আয়োজিত এক অনুষ্ঠানে এ কথা বলেন বক্তারা। তারা বলেন, ক্রেতারা পোশাকের দাম কমিয়ে দিচ্ছে অথচ উৎপাদন খরচ বেড়েছে। এতে পোশাক খাত চাপের মধ্যে রয়েছে।

গতকাল শনিবার রাজধানীর একটি হোটেলে বিজিএমইএর উদ্যোগে আয়োজিত এক অনুষ্ঠানে এ কথা বলেন বক্তারা। তারা বলেন, ক্রেতারা পোশাকের দাম কমিয়ে দিচ্ছে অথচ উৎপাদন খরচ বেড়েছে। এতে পোশাক খাত চাপের মধ্যে রয়েছে।

গতকাল শনিবার রাজধানীর একটি হোটেলে বিজিএমইএর উদ্যোগে আয়োজিত এক অনুষ্ঠানে এ কথা বলেন বক্তারা। তারা বলেন, ক্রেতারা পোশাকের দাম কমিয়ে দিচ্ছে অথচ উৎপাদন খরচ বেড়েছে। এতে পোশাক খাত চাপের মধ্যে রয়েছে।

গতকাল শনিবার রাজধানীর একটি হোটেলে বিজিএমইএর উদ্যোগে আয়োজিত এক অনুষ্ঠানে এ কথা বলেন বক্তারা। তারা বলেন, ক্রেতারা পোশাকের দাম কমিয়ে দিচ্ছে অথচ উৎপাদন খরচ বেড়েছে। এতে পোশাক খাত চাপের মধ্যে রয়েছে।

গতকাল শনিবার রাজধানীর একটি হোটেলে বিজিএমইএর উদ্যোগে আয়োজিত এক অনুষ্ঠানে এ কথা বলেন বক্তারা। তারা বলেন, ক্রেতারা পোশাকের দাম কমিয়ে দিচ্ছে অথচ উৎপাদন খরচ বেড়েছে। এতে পোশাক খাত চাপের মধ্যে রয়েছে।

৬৪ জেলায় এজেন্ট
প্রথম পাতার পর

শ্রী দেবা প্রধান (৩০) ও শুভ্র হাসান (৩১)। গ্রেফতারের সময় তাদের কাছ থেকে বিভিন্ন আলামত উদ্ধার করা হয়। পুলিশ জানায়, চক্রটি দেশের ৬৪ জেলায় এজেন্ট নিয়োগ করে প্রতারণা করে আসছিল।

শ্রী দেবা প্রধান (৩০) ও শুভ্র হাসান (৩১)। গ্রেফতারের সময় তাদের কাছ থেকে বিভিন্ন আলামত উদ্ধার করা হয়। পুলিশ জানায়, চক্রটি দেশের ৬৪ জেলায় এজেন্ট নিয়োগ করে প্রতারণা করে আসছিল।

শ্রী দেবা প্রধান (৩০) ও শুভ্র হাসান (৩১)। গ্রেফতারের সময় তাদের কাছ থেকে বিভিন্ন আলামত উদ্ধার করা হয়। পুলিশ জানায়, চক্রটি দেশের ৬৪ জেলায় এজেন্ট নিয়োগ করে প্রতারণা করে আসছিল।

শ্রী দেবা প্রধান (৩০) ও শুভ্র হাসান (৩১)। গ্রেফতারের সময় তাদের কাছ থেকে বিভিন্ন আলামত উদ্ধার করা হয়। পুলিশ জানায়, চক্রটি দেশের ৬৪ জেলায় এজেন্ট নিয়োগ করে প্রতারণা করে আসছিল।

হতাশাময় যৌন জীবনে চিরস্থায়ী আশা
বয়স্ক হবে যুবকের ন্যায় রবে ভালবাসা
সরাসরি কথা বলুন- প্রফেসর আর.কে. রায় চৌধুরী (যৌন রোগ বিশেষজ্ঞ) (খর্পদশক্তাপ্ত)
World Famous “হাশমে জোয়ানী”
ইহা সেবন মাত্রই অক্ষম, দুর্বল, হতাশ ও বলবীর্যহীন পুরুষের মধ্যে শক্তি ফিরিয়ে আনে। মিলনে ৩০-৩৫ মিনিট সুখ পাবেন।
প্রতি প্যাকেট মূল্য: ৭৫০/- (এক প্যাকেটই যথেষ্ট)
স্বপ্ন নয়, সত্যি “নিমগ্না স্প্রেডি” ব্যবহার আসলেই ৭ দিনে বিশেষত্ব ধরে রাখা সম্ভব
আর.কে. প্লাজা, পাঁচলাইশ, চট্টগ্রাম।
ভিপি ও পার্সেল যোগে ঔষধ পাঠানো হয়।	০১৭২১৫৯৫৪৬৫
“ছেলে হোক মেয়ে হোক দুটি সন্তানই যথেষ্ট”
গণপ্রজাতন্ত্রী বাংলাদেশ সরকার
উপজেলা পরিবার পরিকল্পনা কার্যালয়
শিবগঞ্জ, বগুড়া।
স্মারক নং-উপপক/শিব/বগু/২০২২/৪১৬	তারিখ : ০৮/১১/২০২২ খ্রি.
সংশোধিত নিয়োগ বিজ্ঞপ্তি
ডিজিক্যাল কন্ট্রাসেপশন সার্ভিসেস ডেলিভারি প্রোগ্রাম পরিবার পরিকল্পনা অধিদপ্তরাধীন এর আওতায় Paid Peer Volunteer পদে নিয়োগের জন্য আবেদন আহ্বান করা হয়েছে। শর্তাবলী: প্রার্থীকে সংশ্লিষ্ট ইউনিয়নের স্থায়ী বাসিন্দা হতে হবে। নির্দিষ্ট সময়ের মধ্যে আবেদন করতে হবে।
পদের নাম: Paid Peer Volunteer
ক্রমিক	পদের নাম	শূন্য পদের সংখ্যা	জেলা	উপজেলা	ইউনিয়ন	ইউনিট/ওয়ার্ড	গ্রাম/পাড়া/মহল্লা
১	Paid Peer Volunteer	১	বগুড়া	শিবগঞ্জ	পিরব	১/ক	চাপাডাঙ্গা (উত্তর পাড়া), পশ্চিম পাড়া, মধ্য পাড়া, পূর্ব পাড়া
						২/ক	চাপাডাঙ্গা, দক্ষিণ পাড়া, ঘুনাইদার, মোলাইক, লেবরাই
						৩/ক	মাড়কাইত, শিবগঞ্জ, উত্তরপাড়া, ফরিদপাড়া, মোকামতলা
বি: দ্র: ৩০/১১/২২ তারিখে প্রকাশিত নিয়োগ বিজ্ঞপ্তির যাবতীয় শর্তাবলী বলবৎ থাকবে।
~ signature ~
(ডা: মোজাফফর আলী আহমেদ)
মেডিকেল অফিসার (এমসিএইচ-এফপি) ও
সদস্য সচিব, নিয়োগ কমিটি
শিবগঞ্জ, বগুড়া।
ডিএফপি-১০/২২
জিপ-২৪১৮/২২
